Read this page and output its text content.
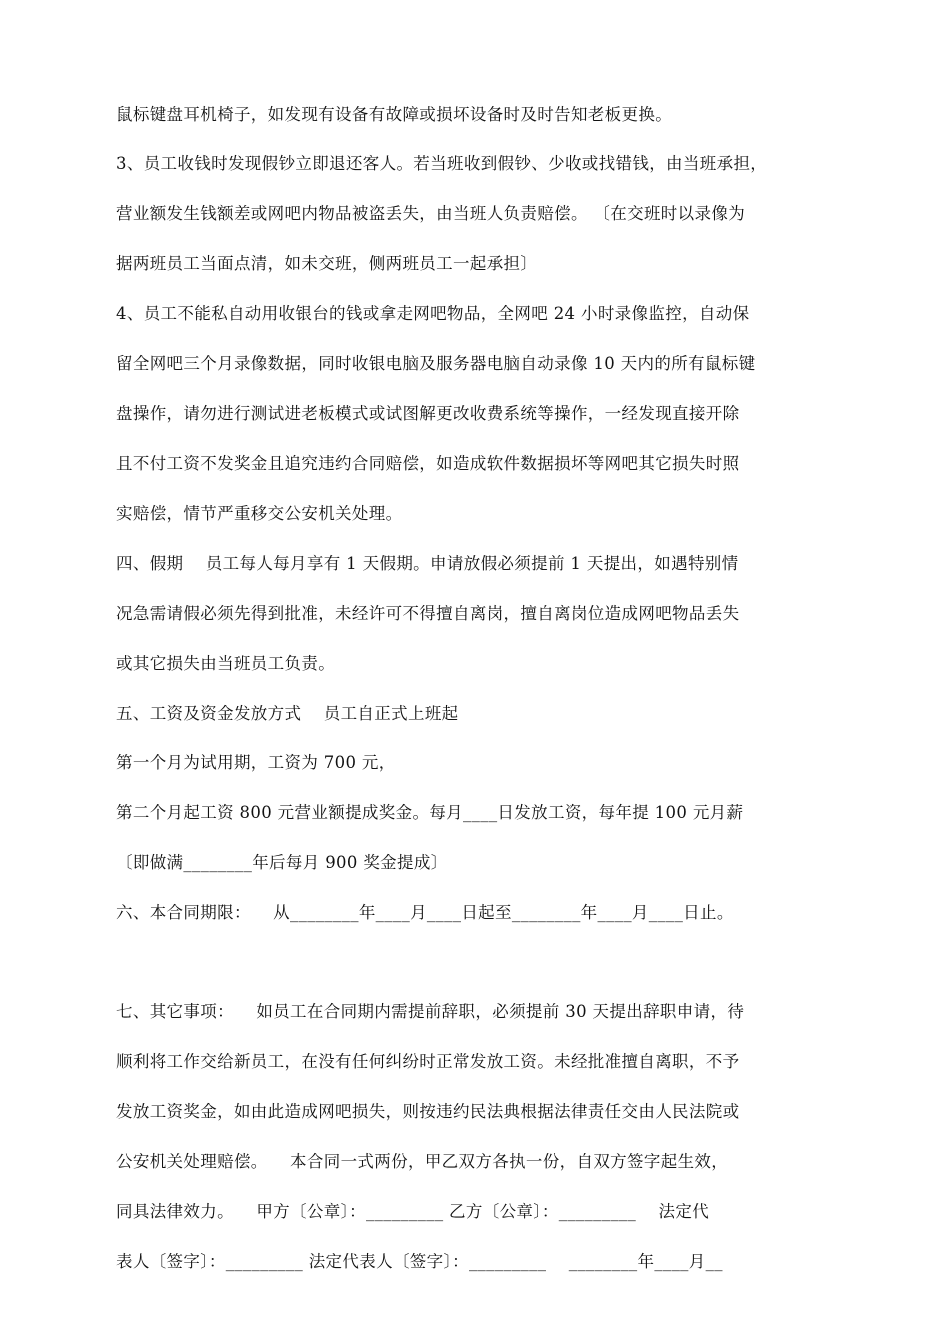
鼠标键盘耳机椅子，如发现有设备有故障或损坏设备时及时告知老板更换。
3、员工收钱时发现假钞立即退还客人。若当班收到假钞、少收或找错钱，由当班承担，
营业额发生钱额差或网吧内物品被盗丢失，由当班人负责赔偿。 〔在交班时以录像为
据两班员工当面点清，如未交班，侧两班员工一起承担〕
4、员工不能私自动用收银台的钱或拿走网吧物品，全网吧 24 小时录像监控，自动保
留全网吧三个月录像数据，同时收银电脑及服务器电脑自动录像 10 天内的所有鼠标键
盘操作，请勿进行测试进老板模式或试图解更改收费系统等操作，一经发现直接开除
且不付工资不发奖金且追究违约合同赔偿，如造成软件数据损坏等网吧其它损失时照
实赔偿，情节严重移交公安机关处理。
四、假期    员工每人每月享有 1 天假期。申请放假必须提前 1 天提出，如遇特别情
况急需请假必须先得到批准，未经许可不得擅自离岗，擅自离岗位造成网吧物品丢失
或其它损失由当班员工负责。
五、工资及资金发放方式    员工自正式上班起
第一个月为试用期，工资为 700 元，
第二个月起工资 800 元营业额提成奖金。每月____日发放工资，每年提 100 元月薪
〔即做满________年后每月 900 奖金提成〕
六、本合同期限：    从________年____月____日起至________年____月____日止。
七、其它事项：    如员工在合同期内需提前辞职，必须提前 30 天提出辞职申请，待
顺利将工作交给新员工，在没有任何纠纷时正常发放工资。未经批准擅自离职，不予
发放工资奖金，如由此造成网吧损失，则按违约民法典根据法律责任交由人民法院或
公安机关处理赔偿。    本合同一式两份，甲乙双方各执一份，自双方签字起生效，
同具法律效力。    甲方〔公章〕：_________ 乙方〔公章〕：_________    法定代
表人〔签字〕：_________ 法定代表人〔签字〕：_________    ________年____月__
